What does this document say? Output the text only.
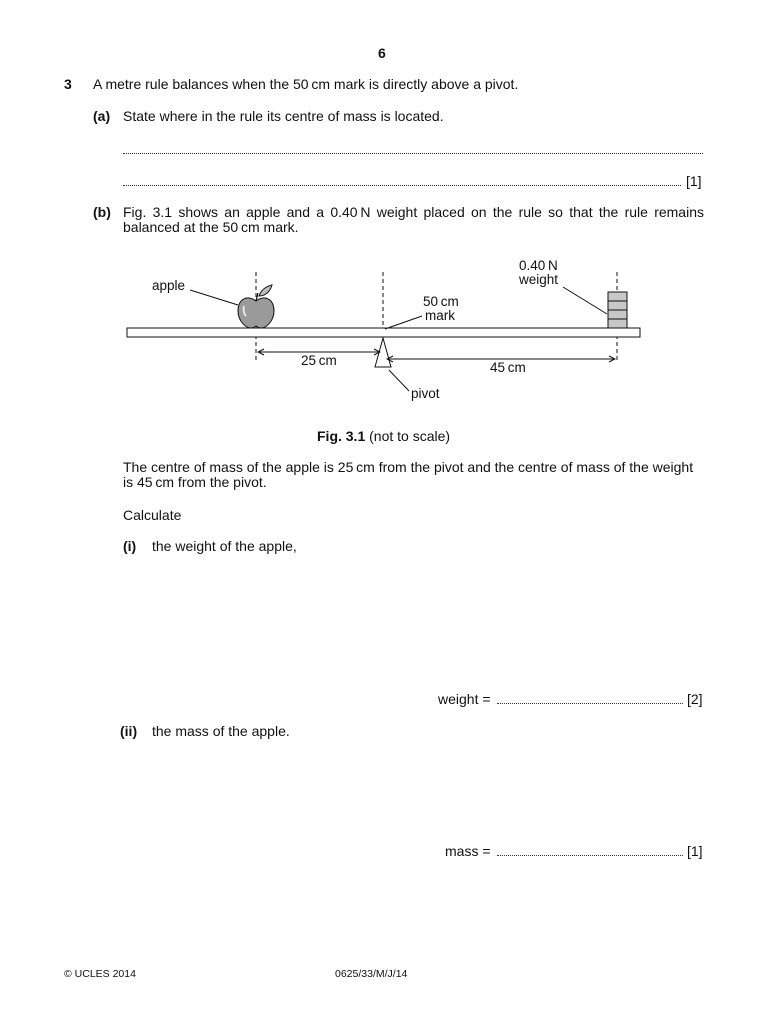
6
3 A metre rule balances when the 50 cm mark is directly above a pivot.
(a) State where in the rule its centre of mass is located.
[1]
(b) Fig. 3.1 shows an apple and a 0.40 N weight placed on the rule so that the rule remains
balanced at the 50 cm mark.
apple
0.40 N
weight
50 cm
mark
25 cm	45 cm
pivot
Fig. 3.1 (not to scale)
The centre of mass of the apple is 25 cm from the pivot and the centre of mass of the weight
is 45 cm from the pivot.
Calculate
(i) the weight of the apple,
weight =	[2]
(ii) the mass of the apple.
mass =	[1]
© UCLES 2014	0625/33/M/J/14
